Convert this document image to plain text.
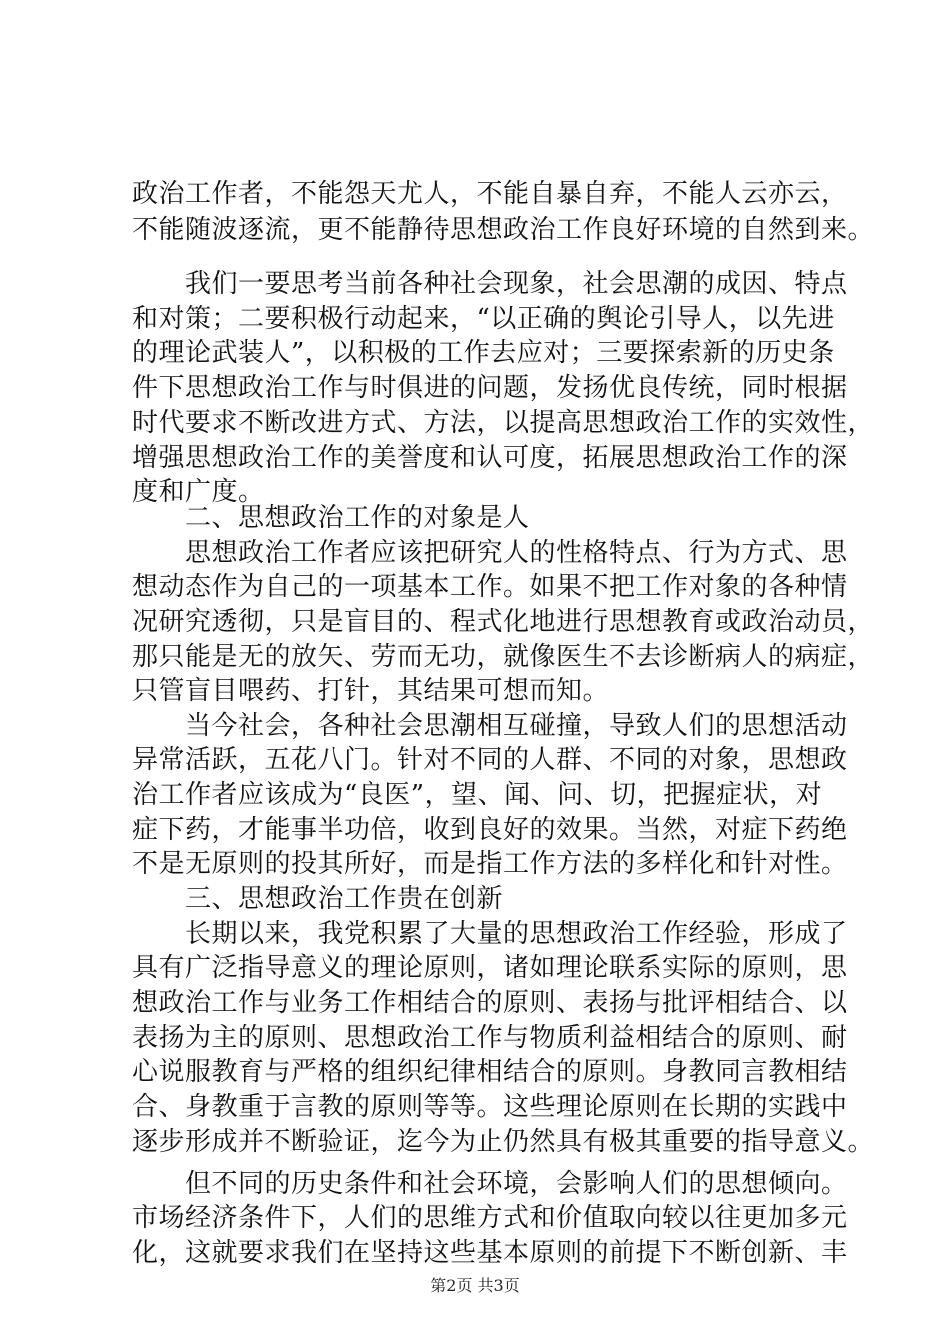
政治工作者，不能怨天尤人，不能自暴自弃，不能人云亦云，
不能随波逐流，更不能静待思想政治工作良好环境的自然到来。
　　我们一要思考当前各种社会现象，社会思潮的成因、特点
和对策；二要积极行动起来，“以正确的舆论引导人，以先进
的理论武装人”，以积极的工作去应对；三要探索新的历史条
件下思想政治工作与时俱进的问题，发扬优良传统，同时根据
时代要求不断改进方式、方法，以提高思想政治工作的实效性，
增强思想政治工作的美誉度和认可度，拓展思想政治工作的深
度和广度。
　　二、思想政治工作的对象是人
　　思想政治工作者应该把研究人的性格特点、行为方式、思
想动态作为自己的一项基本工作。如果不把工作对象的各种情
况研究透彻，只是盲目的、程式化地进行思想教育或政治动员，
那只能是无的放矢、劳而无功，就像医生不去诊断病人的病症，
只管盲目喂药、打针，其结果可想而知。
　　当今社会，各种社会思潮相互碰撞，导致人们的思想活动
异常活跃，五花八门。针对不同的人群、不同的对象，思想政
治工作者应该成为“良医”，望、闻、问、切，把握症状，对
症下药，才能事半功倍，收到良好的效果。当然，对症下药绝
不是无原则的投其所好，而是指工作方法的多样化和针对性。
　　三、思想政治工作贵在创新
　　长期以来，我党积累了大量的思想政治工作经验，形成了
具有广泛指导意义的理论原则，诸如理论联系实际的原则，思
想政治工作与业务工作相结合的原则、表扬与批评相结合、以
表扬为主的原则、思想政治工作与物质利益相结合的原则、耐
心说服教育与严格的组织纪律相结合的原则。身教同言教相结
合、身教重于言教的原则等等。这些理论原则在长期的实践中
逐步形成并不断验证，迄今为止仍然具有极其重要的指导意义。
　　但不同的历史条件和社会环境，会影响人们的思想倾向。
市场经济条件下，人们的思维方式和价值取向较以往更加多元
化，这就要求我们在坚持这些基本原则的前提下不断创新、丰
第2页 共3页
